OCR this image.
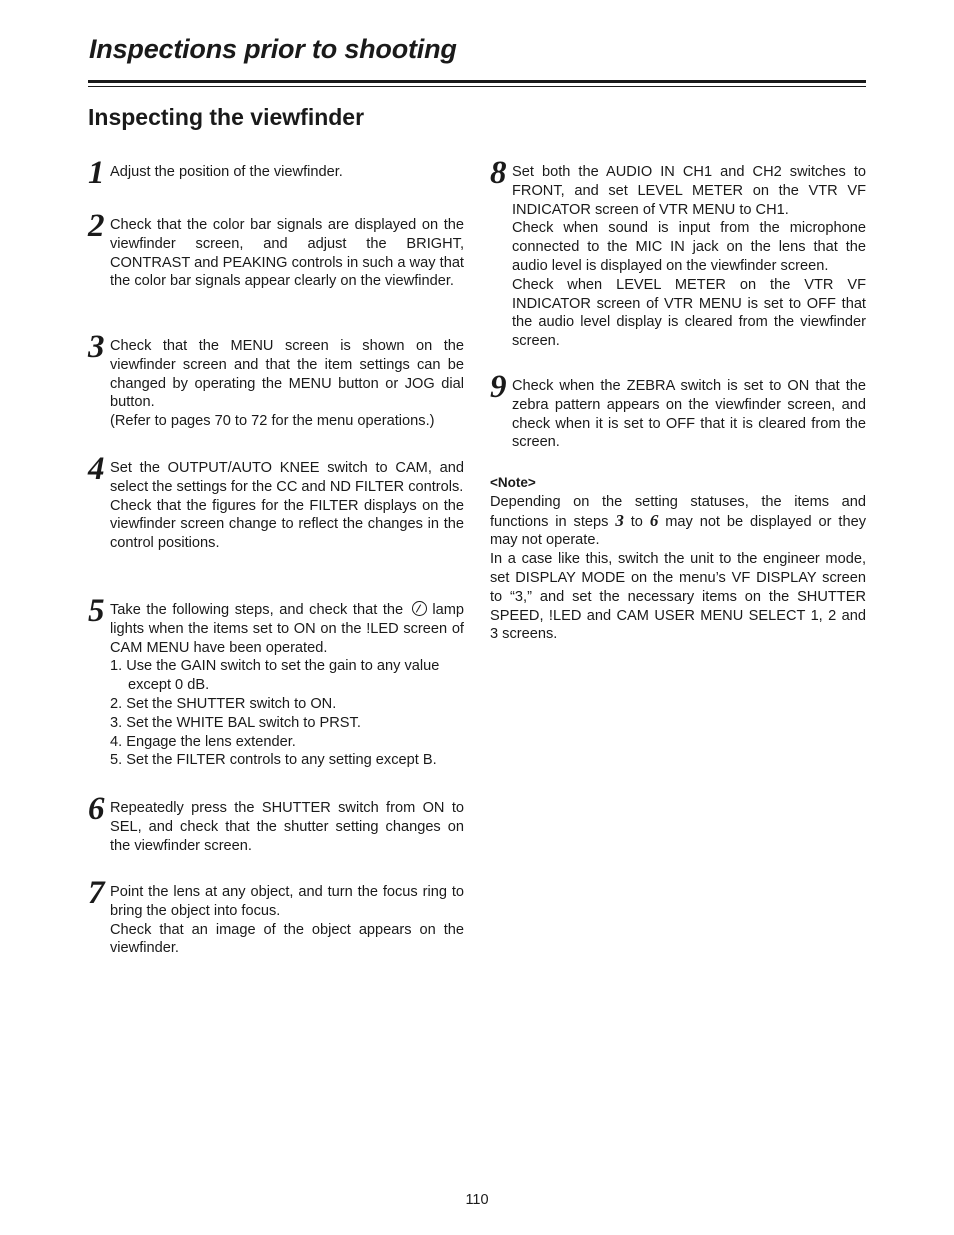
Inspections prior to shooting
Inspecting the viewfinder
1 Adjust the position of the viewfinder.

2 Check that the color bar signals are displayed on the viewfinder screen, and adjust the BRIGHT, CONTRAST and PEAKING controls in such a way that the color bar signals appear clearly on the viewfinder.

3 Check that the MENU screen is shown on the viewfinder screen and that the item settings can be changed by operating the MENU button or JOG dial button.

(Refer to pages 70 to 72 for the menu operations.)

4 Set the OUTPUT/AUTO KNEE switch to CAM, and select the settings for the CC and ND FILTER controls.

Check that the figures for the FILTER displays on the viewfinder screen change to reflect the changes in the control positions.

5 Take the following steps, and check that the lamp lights when the items set to ON on the !LED screen of CAM MENU have been operated.

1. Use the GAIN switch to set the gain to any value except 0 dB.
2. Set the SHUTTER switch to ON.
3. Set the WHITE BAL switch to PRST.
4. Engage the lens extender.
5. Set the FILTER controls to any setting except B.
6 Repeatedly press the SHUTTER switch from ON to SEL, and check that the shutter setting changes on the viewfinder screen.

7 Point the lens at any object, and turn the focus ring to bring the object into focus.

Check that an image of the object appears on the viewfinder.

8 Set both the AUDIO IN CH1 and CH2 switches to FRONT, and set LEVEL METER on the VTR VF INDICATOR screen of VTR MENU to CH1.

Check when sound is input from the microphone connected to the MIC IN jack on the lens that the audio level is displayed on the viewfinder screen.

Check when LEVEL METER on the VTR VF INDICATOR screen of VTR MENU is set to OFF that the audio level display is cleared from the viewfinder screen.

9 Check when the ZEBRA switch is set to ON that the zebra pattern appears on the viewfinder screen, and check when it is set to OFF that it is cleared from the screen.

<Note>

Depending on the setting statuses, the items and functions in steps 3 to 6 may not be displayed or they may not operate.

In a case like this, switch the unit to the engineer mode, set DISPLAY MODE on the menu’s VF DISPLAY screen to “3,” and set the necessary items on the SHUTTER SPEED, !LED and CAM USER MENU SELECT 1, 2 and 3 screens.

110
